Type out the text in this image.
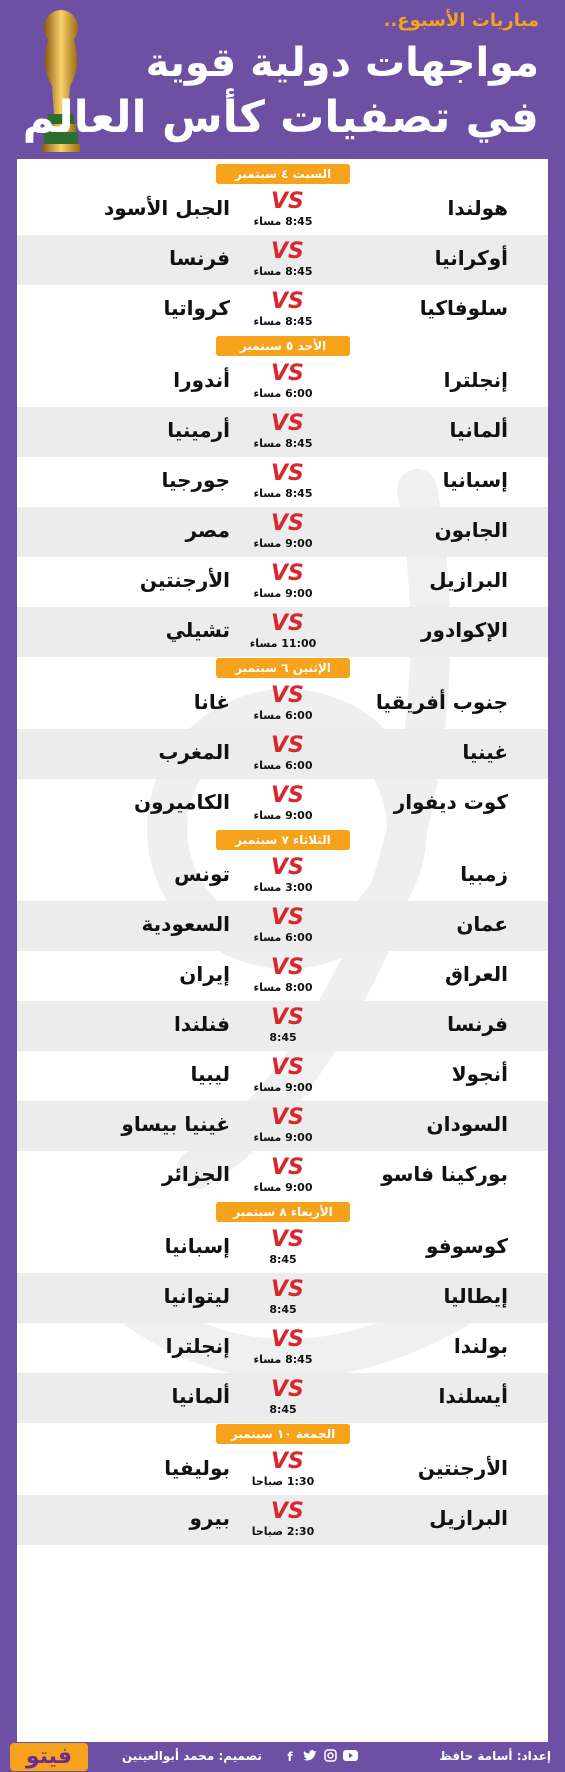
مباريات الأسبوع..
مواجهات دولية قوية
في تصفيات كأس العالم
السبت ٤ سبتمبر
هولندا
VS
8:45 مساء
الجبل الأسود
أوكرانيا
VS
8:45 مساء
فرنسا
سلوفاكيا
VS
8:45 مساء
كرواتيا
الأحد ٥ سبتمبر
إنجلترا
VS
6:00 مساء
أندورا
ألمانيا
VS
8:45 مساء
أرمينيا
إسبانيا
VS
8:45 مساء
جورجيا
الجابون
VS
9:00 مساء
مصر
البرازيل
VS
9:00 مساء
الأرجنتين
الإكوادور
VS
11:00 مساء
تشيلي
الإثنين ٦ سبتمبر
جنوب أفريقيا
VS
6:00 مساء
غانا
غينيا
VS
6:00 مساء
المغرب
كوت ديفوار
VS
9:00 مساء
الكاميرون
الثلاثاء ٧ سبتمبر
زمبيا
VS
3:00 مساء
تونس
عمان
VS
6:00 مساء
السعودية
العراق
VS
8:00 مساء
إيران
فرنسا
VS
8:45
فنلندا
أنجولا
VS
9:00 مساء
ليبيا
السودان
VS
9:00 مساء
غينيا بيساو
بوركينا فاسو
VS
9:00 مساء
الجزائر
الأربعاء ٨ سبتمبر
كوسوفو
VS
8:45
إسبانيا
إيطاليا
VS
8:45
ليتوانيا
بولندا
VS
8:45 مساء
إنجلترا
أيسلندا
VS
8:45
ألمانيا
الجمعة ١٠ سبتمبر
الأرجنتين
VS
1:30 صباحا
بوليفيا
البرازيل
VS
2:30 صباحا
بيرو
فيتو	تصميم: محمد أبوالعينين	f	إعداد: أسامة حافظ
